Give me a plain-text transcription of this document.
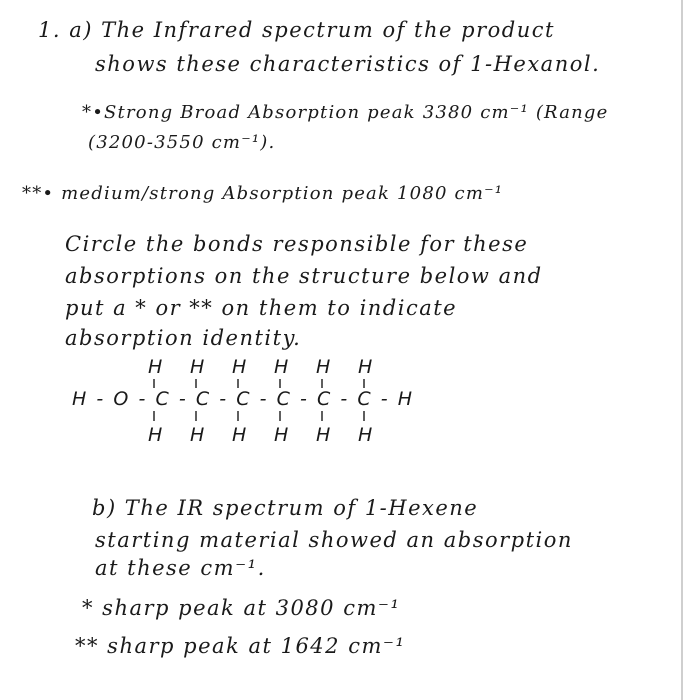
1. a) The Infrared spectrum of the product
shows these characteristics of 1-Hexanol.
*•Strong Broad Absorption peak 3380 cm⁻¹ (Range
(3200-3550 cm⁻¹).
**• medium/strong Absorption peak 1080 cm⁻¹
Circle the bonds responsible for these
absorptions on the structure below and
put a * or ** on them to indicate
absorption identity.
H H H H H H
H-O-C-C-C-C-C-C-H
H H H H H H
b) The IR spectrum of 1-Hexene
starting material showed an absorption
at these cm⁻¹.
* sharp peak at 3080 cm⁻¹
** sharp peak at 1642 cm⁻¹
